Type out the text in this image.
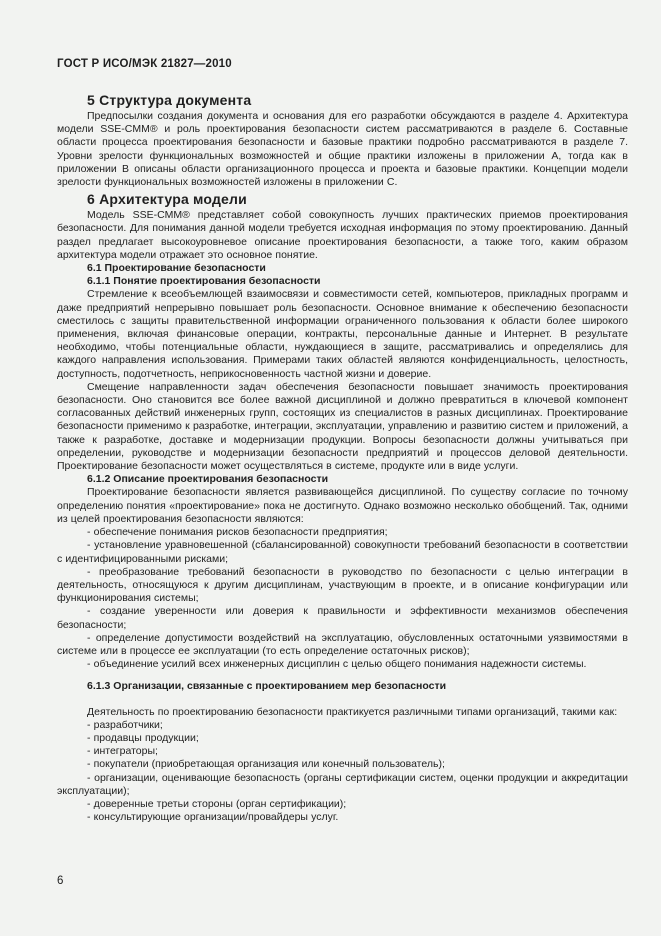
ГОСТ Р ИСО/МЭК 21827—2010
5 Структура документа

Предпосылки создания документа и основания для его разработки обсуждаются в разделе 4. Архитектура модели SSE-CMM® и роль проектирования безопасности систем рассматриваются в разделе 6. Составные области процесса проектирования безопасности и базовые практики подробно рассматриваются в разделе 7. Уровни зрелости функциональных возможностей и общие практики изложены в приложении А, тогда как в приложении В описаны области организационного процесса и проекта и базовые практики. Концепции модели зрелости функциональных возможностей изложены в приложении С.

6 Архитектура модели

Модель SSE-CMM® представляет собой совокупность лучших практических приемов проектирования безопасности. Для понимания данной модели требуется исходная информация по этому проектированию. Данный раздел предлагает высокоуровневое описание проектирования безопасности, а также того, каким образом архитектура модели отражает это основное понятие.

6.1 Проектирование безопасности
6.1.1 Понятие проектирования безопасности

Стремление к всеобъемлющей взаимосвязи и совместимости сетей, компьютеров, прикладных программ и даже предприятий непрерывно повышает роль безопасности. Основное внимание к обеспечению безопасности сместилось с защиты правительственной информации ограниченного пользования к области более широкого применения, включая финансовые операции, контракты, персональные данные и Интернет. В результате необходимо, чтобы потенциальные области, нуждающиеся в защите, рассматривались и определялись для каждого направления использования. Примерами таких областей являются конфиденциальность, целостность, доступность, подотчетность, неприкосновенность частной жизни и доверие.

Смещение направленности задач обеспечения безопасности повышает значимость проектирования безопасности. Оно становится все более важной дисциплиной и должно превратиться в ключевой компонент согласованных действий инженерных групп, состоящих из специалистов в разных дисциплинах. Проектирование безопасности применимо к разработке, интеграции, эксплуатации, управлению и развитию систем и приложений, а также к разработке, доставке и модернизации продукции. Вопросы безопасности должны учитываться при определении, руководстве и модернизации безопасности предприятий и процессов деловой деятельности. Проектирование безопасности может осуществляться в системе, продукте или в виде услуги.

6.1.2 Описание проектирования безопасности

Проектирование безопасности является развивающейся дисциплиной. По существу согласие по точному определению понятия «проектирование» пока не достигнуто. Однако возможно несколько обобщений. Так, одними из целей проектирования безопасности являются:

- обеспечение понимания рисков безопасности предприятия;

- установление уравновешенной (сбалансированной) совокупности требований безопасности в соответствии с идентифицированными рисками;

- преобразование требований безопасности в руководство по безопасности с целью интеграции в деятельность, относящуюся к другим дисциплинам, участвующим в проекте, и в описание конфигурации или функционирования системы;

- создание уверенности или доверия к правильности и эффективности механизмов обеспечения безопасности;

- определение допустимости воздействий на эксплуатацию, обусловленных остаточными уязвимостями в системе или в процессе ее эксплуатации (то есть определение остаточных рисков);

- объединение усилий всех инженерных дисциплин с целью общего понимания надежности системы.

6.1.3 Организации, связанные с проектированием мер безопасности

Деятельность по проектированию безопасности практикуется различными типами организаций, такими как:

- разработчики;

- продавцы продукции;

- интеграторы;

- покупатели (приобретающая организация или конечный пользователь);

- организации, оценивающие безопасность (органы сертификации систем, оценки продукции и аккредитации эксплуатации);

- доверенные третьи стороны (орган сертификации);

- консультирующие организации/провайдеры услуг.

6
